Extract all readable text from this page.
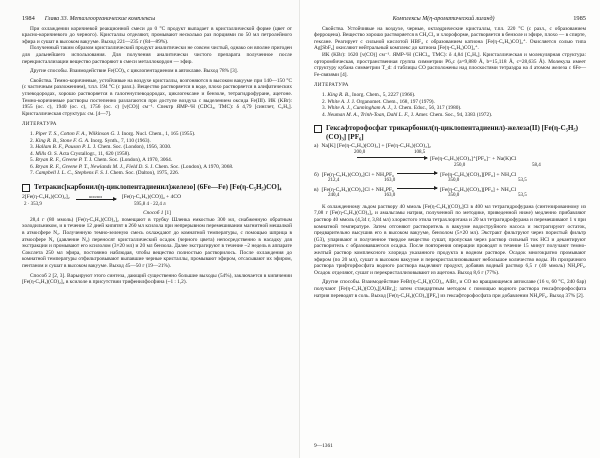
1984 Глава 33. Металлоорганические комплексы

При охлаждении коричневой реакционной смеси до 0 °С продукт выпадает в кристаллической форме (цвет от красно-коричневого до черного). Кристаллы отделяют, промывают несколько раз порциями по 50 мл петролейного эфира и сушат в высоком вакууме. Выход 221—235 г (84—89%).

Полученный таким образом кристаллический продукт аналитически не совсем чистый, однако он вполне пригоден для дальнейшего использования. Для получения аналитически чистого препарата полученное после перекристаллизации вещество растворяют в смеси металлокордон — эфир.

Другие способы. Взаимодействие Fe(CO)₅ с циклопентадиеном в автоклаве. Выход 78% [3].

Свойства. Темно-коричневые, устойчивые на воздухе кристаллы, возгоняются в высоком вакууме при 140—150 °С (с частичным разложением), т.пл. 194 °С (с разл.). Вещество растворяется в воде, плохо растворяется в алифатических углеводородах, хорошо растворяется в галогенуглеводородах, циклогексане и бензоле, тетрагидрофуране, ацетоне. Темно-коричневые растворы постепенно разлагаются при доступе воздуха с выделением оксида Fe(III). ИК (KBr): 1955 (ос. с), 1940 (ос. с), 1756 (ос. с) [ν(CO)] см⁻¹. Спектр ЯМР-¹H (CDCl₃, TMC): δ 4,79 [синглет, C₅H₅]. Кристаллическая структура: см. [4—7].

ЛИТЕРАТУРА
1. Piper T. S., Cotton F. A., Wilkinson G. J. Inorg. Nucl. Chem., 1, 165 (1955).
2. King R. B., Stone F. G. A. Inorg. Synth., 7, 110 (1963).
3. Hallam B. F., Pauson P. L. J. Chem. Soc. (London), 1956, 3030.
4. Mills O. S. Acta Crystallogr., 11, 620 (1958).
5. Bryan R. F., Greene P. T. J. Chem. Soc. (London), A 1970, 3064.
6. Bryan R. F., Greene P. T., Newlands M. J., Field D. S. J. Chem. Soc. (London), A 1970, 3068.
7. Campbell I. L. C., Stephens F. S. J. Chem. Soc. (Dalton), 1975, 226.
Тетракис[карбонил(η-циклопентадиенил)железо] (6Fe—Fe) [Fe(η-C₅H₅)CO]₄
2[Fe(η-C₅H₅)(CO)₂]₂	ксилол	[Fe(η-C₅H₅)(CO)]₄ + 4CO
2 · 353,9	595,8 4 · 22,4 л

Способ 1 [1]

28,4 г (80 ммоль) [Fe(η-C₅H₅)(CO)₂]₂ помещают в трубку Шленка емкостью 300 мл, снабженную обратным холодильником, и в течение 12 дней кипятят в 260 мл ксилола при непрерывном перемешивании магнитной мешалкой в атмосфере N₂. Полученную темно-зеленую смесь охлаждают до комнатной температуры, с помощью шприца в атмосфере N₂ (давление N₂) переносят кристаллический осадок (черного цвета) непосредственно в насадку для экстракции и промывают его ксилолом (3×20 мл) и 20 мл бензола. Далее экстрагируют в течение ~2 недель в аппарате Сокслета 250 мл эфира, постоянно наблюдая, чтобы вещество полностью растворилось. После охлаждения до комнатной температуры отфильтровывают выпавшие черные кристаллы, промывают эфиром, отсасывают их эфиром, пентаном и сушат в высоком вакууме. Выход 45—50 г (19—21%).

Способ 2 [2, 3]. Варьируют этого синтеза, дающий существенно большие выходы (54%), заключается в кипячении [Fe(η-C₅H₅)(CO)₂]₂ в ксилоле в присутствии трифенилфосфина (~1 : 1,2).

Комплексы M(η-ароматический лиганд)	1985

Свойства. Устойчивые на воздухе, черные, октаэдрические кристаллы, т.пл. 220 °С (с разл., с образованием ферроцена). Вещество хорошо растворяется в CH₂Cl₂ и хлороформе, растворяется в бензоле и эфире, плохо — в спирте, гексане. Реагирует с сильной кислотой HBF₄ с образованием катиона [Fe(η-C₅H₅)CO]₄⁺. Окисляется солью типа Ag[SbF₆] окисляют нейтральный комплекс до катиона [Fe(η-C₅H₅)CO]₄⁺.

ИК (KBr): 1620 [ν(CO)] см⁻¹. ЯМР-¹H (CHCl₃, TMC): δ 4,84 [C₅H₅]. Кристаллическая и молекулярная структура: орторомбическая, пространственная группа симметрии P6₃c (a=9,880 Å, b=15,118 Å, c=28,635 Å). Молекула имеет структуру кубана симметрии T_d: 4 таблицы CO расположены над плоскостями тетраэдра на 4 атомом железа с 6Fe—Fe-связями [4].

ЛИТЕРАТУРА
1. King R. B., Inorg. Chem., 5, 2227 (1966).
2. White A. J. J. Organomet. Chem., 168, 197 (1979).
3. White A. J., Cunningham A. J., J. Chem. Educ., 56, 317 (1980).
4. Neuman M. A., Trinh-Toan, Dahl L. F., J. Amer. Chem. Soc., 94, 3383 (1972).
Гексафторофосфат трикарбонил(η-циклопентадиенил)-железа(II) [Fe(η-C₅H₅)(CO)₃] [PF₆]
а) Na[K] [Fe(η-C₅H₅)(CO)₂] + [Fe(η-C₅H₅)(CO)₂]₂
200,0	108,5
[Fe(η-C₅H₅)(CO)₃]⁺[PF₆]⁻ + Na(K)Cl
250,0	58,4
б) [Fe(η-C₅H₅)(CO)₂]Cl + NH₄PF₆	[Fe(η-C₅H₅)(CO)₃][PF₆] + NH₄Cl
212,4	163,0	350,0	53,5
в) [Fe(η-C₅H₅)(CO)₂]Cl + NH₄PF₆	[Fe(η-C₅H₅)(CO)₃][PF₆] + NH₄Cl
240,4	163,0	350,0	53,5

К охлажденному льдом раствору 40 ммоль [Fe(η-C₅H₅)(CO)₂]Cl в 400 мл тетрагидрофурана (синтезированному из 7,08 г [Fe(η-C₅H₅)(CO)₂]₂ и амальгамы натрия, полученной по методике, приведенной ниже) медленно прибавляют раствор 40 ммоль (4,34 г, 3,84 мл) хлористого этила тетрахлорэтана и 20 мл тетрагидрофурана и перемешивают 1 ч при комнатной температуре. Затем отгоняют растворитель в вакууме водоструйного насоса и экстрагируют остаток, предварительно высушив его в высоком вакууме, бензолом (5×20 мл). Экстракт фильтруют через пористый фильтр (G3), упаривают и полученное твердое вещество сушат, пропуская через раствор сильный ток HCl и декантируют растворитель с образовавшегося осадка. После повторения операции проводят в течение 15 минут получают темно-желтый раствор комплексного хлорида указанного продукта в водном растворе. Осадок многократно промывают эфиром (по 20 мл), сушат в высоком вакууме и перекристаллизовывают небольшое количество воды. Из прозрачного раствора трифторфосфата водного раствора выделяют продукт, добавив водный раствор 6,5 г (40 ммоль) NH₄PF₆. Осадок отделяют, сушат и перекристаллизовывают из ацетона. Выход 8,6 г (77%).

Другие способы. Взаимодействие FeBr(η-C₅H₅)(CO)₂, AlBr₃ и CO во вращающемся автоклаве (16 ч, 60 °С, 240 бар) получают [Fe(η-C₅H₅)(CO)₃][AlBr₄]; затем стандартным методом с помощью водного раствора гексафторофосфата натрия переводят в соль. Выход [Fe(η-C₅H₅)(CO)₃][PF₆] из гексафторофосфата при добавлении NH₄PF₆. Выход 37% [2].

9—1361
